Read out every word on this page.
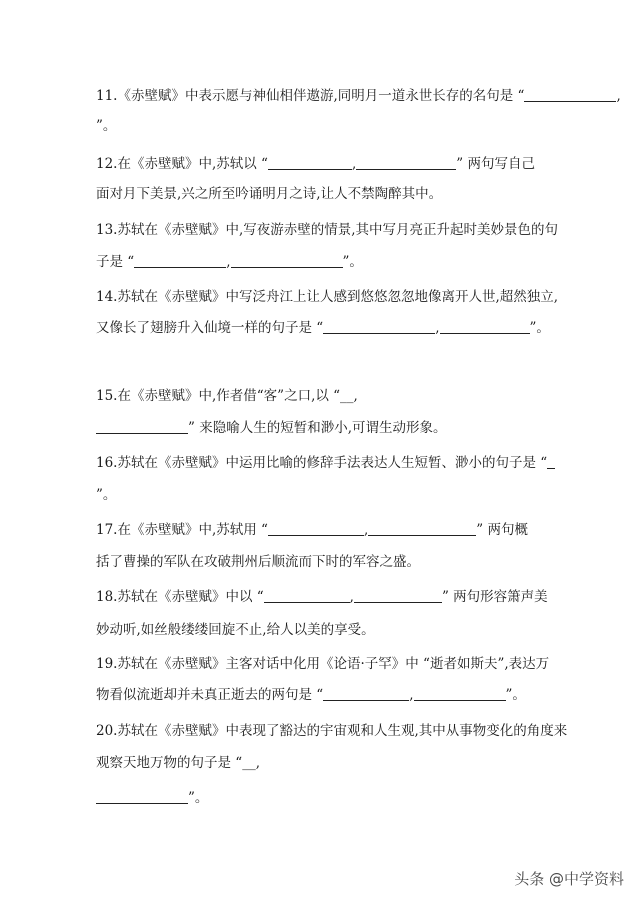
11.《赤壁赋》中表示愿与神仙相伴遨游,同明月一道永世长存的名句是 “	,
”。
12.在《赤壁赋》中,苏轼以 “	,	” 两句写自己
面对月下美景,兴之所至吟诵明月之诗,让人不禁陶醉其中。
13.苏轼在《赤壁赋》中,写夜游赤壁的情景,其中写月亮正升起时美妙景色的句
子是 “	,	”。
14.苏轼在《赤壁赋》中写泛舟江上让人感到悠悠忽忽地像离开人世,超然独立,
又像长了翅膀升入仙境一样的句子是 “	,	”。
15.在《赤壁赋》中,作者借“客”之口,以 “__,
” 来隐喻人生的短暂和渺小,可谓生动形象。
16.苏轼在《赤壁赋》中运用比喻的修辞手法表达人生短暂、渺小的句子是 “
”。
17.在《赤壁赋》中,苏轼用 “	,	” 两句概
括了曹操的军队在攻破荆州后顺流而下时的军容之盛。
18.苏轼在《赤壁赋》中以 “	,	” 两句形容箫声美
妙动听,如丝般缕缕回旋不止,给人以美的享受。
19.苏轼在《赤壁赋》主客对话中化用《论语·子罕》中 “逝者如斯夫”,表达万
物看似流逝却并未真正逝去的两句是 “	,	”。
20.苏轼在《赤壁赋》中表现了豁达的宇宙观和人生观,其中从事物变化的角度来
观察天地万物的句子是 “__,
”。
头条 @中学资料
